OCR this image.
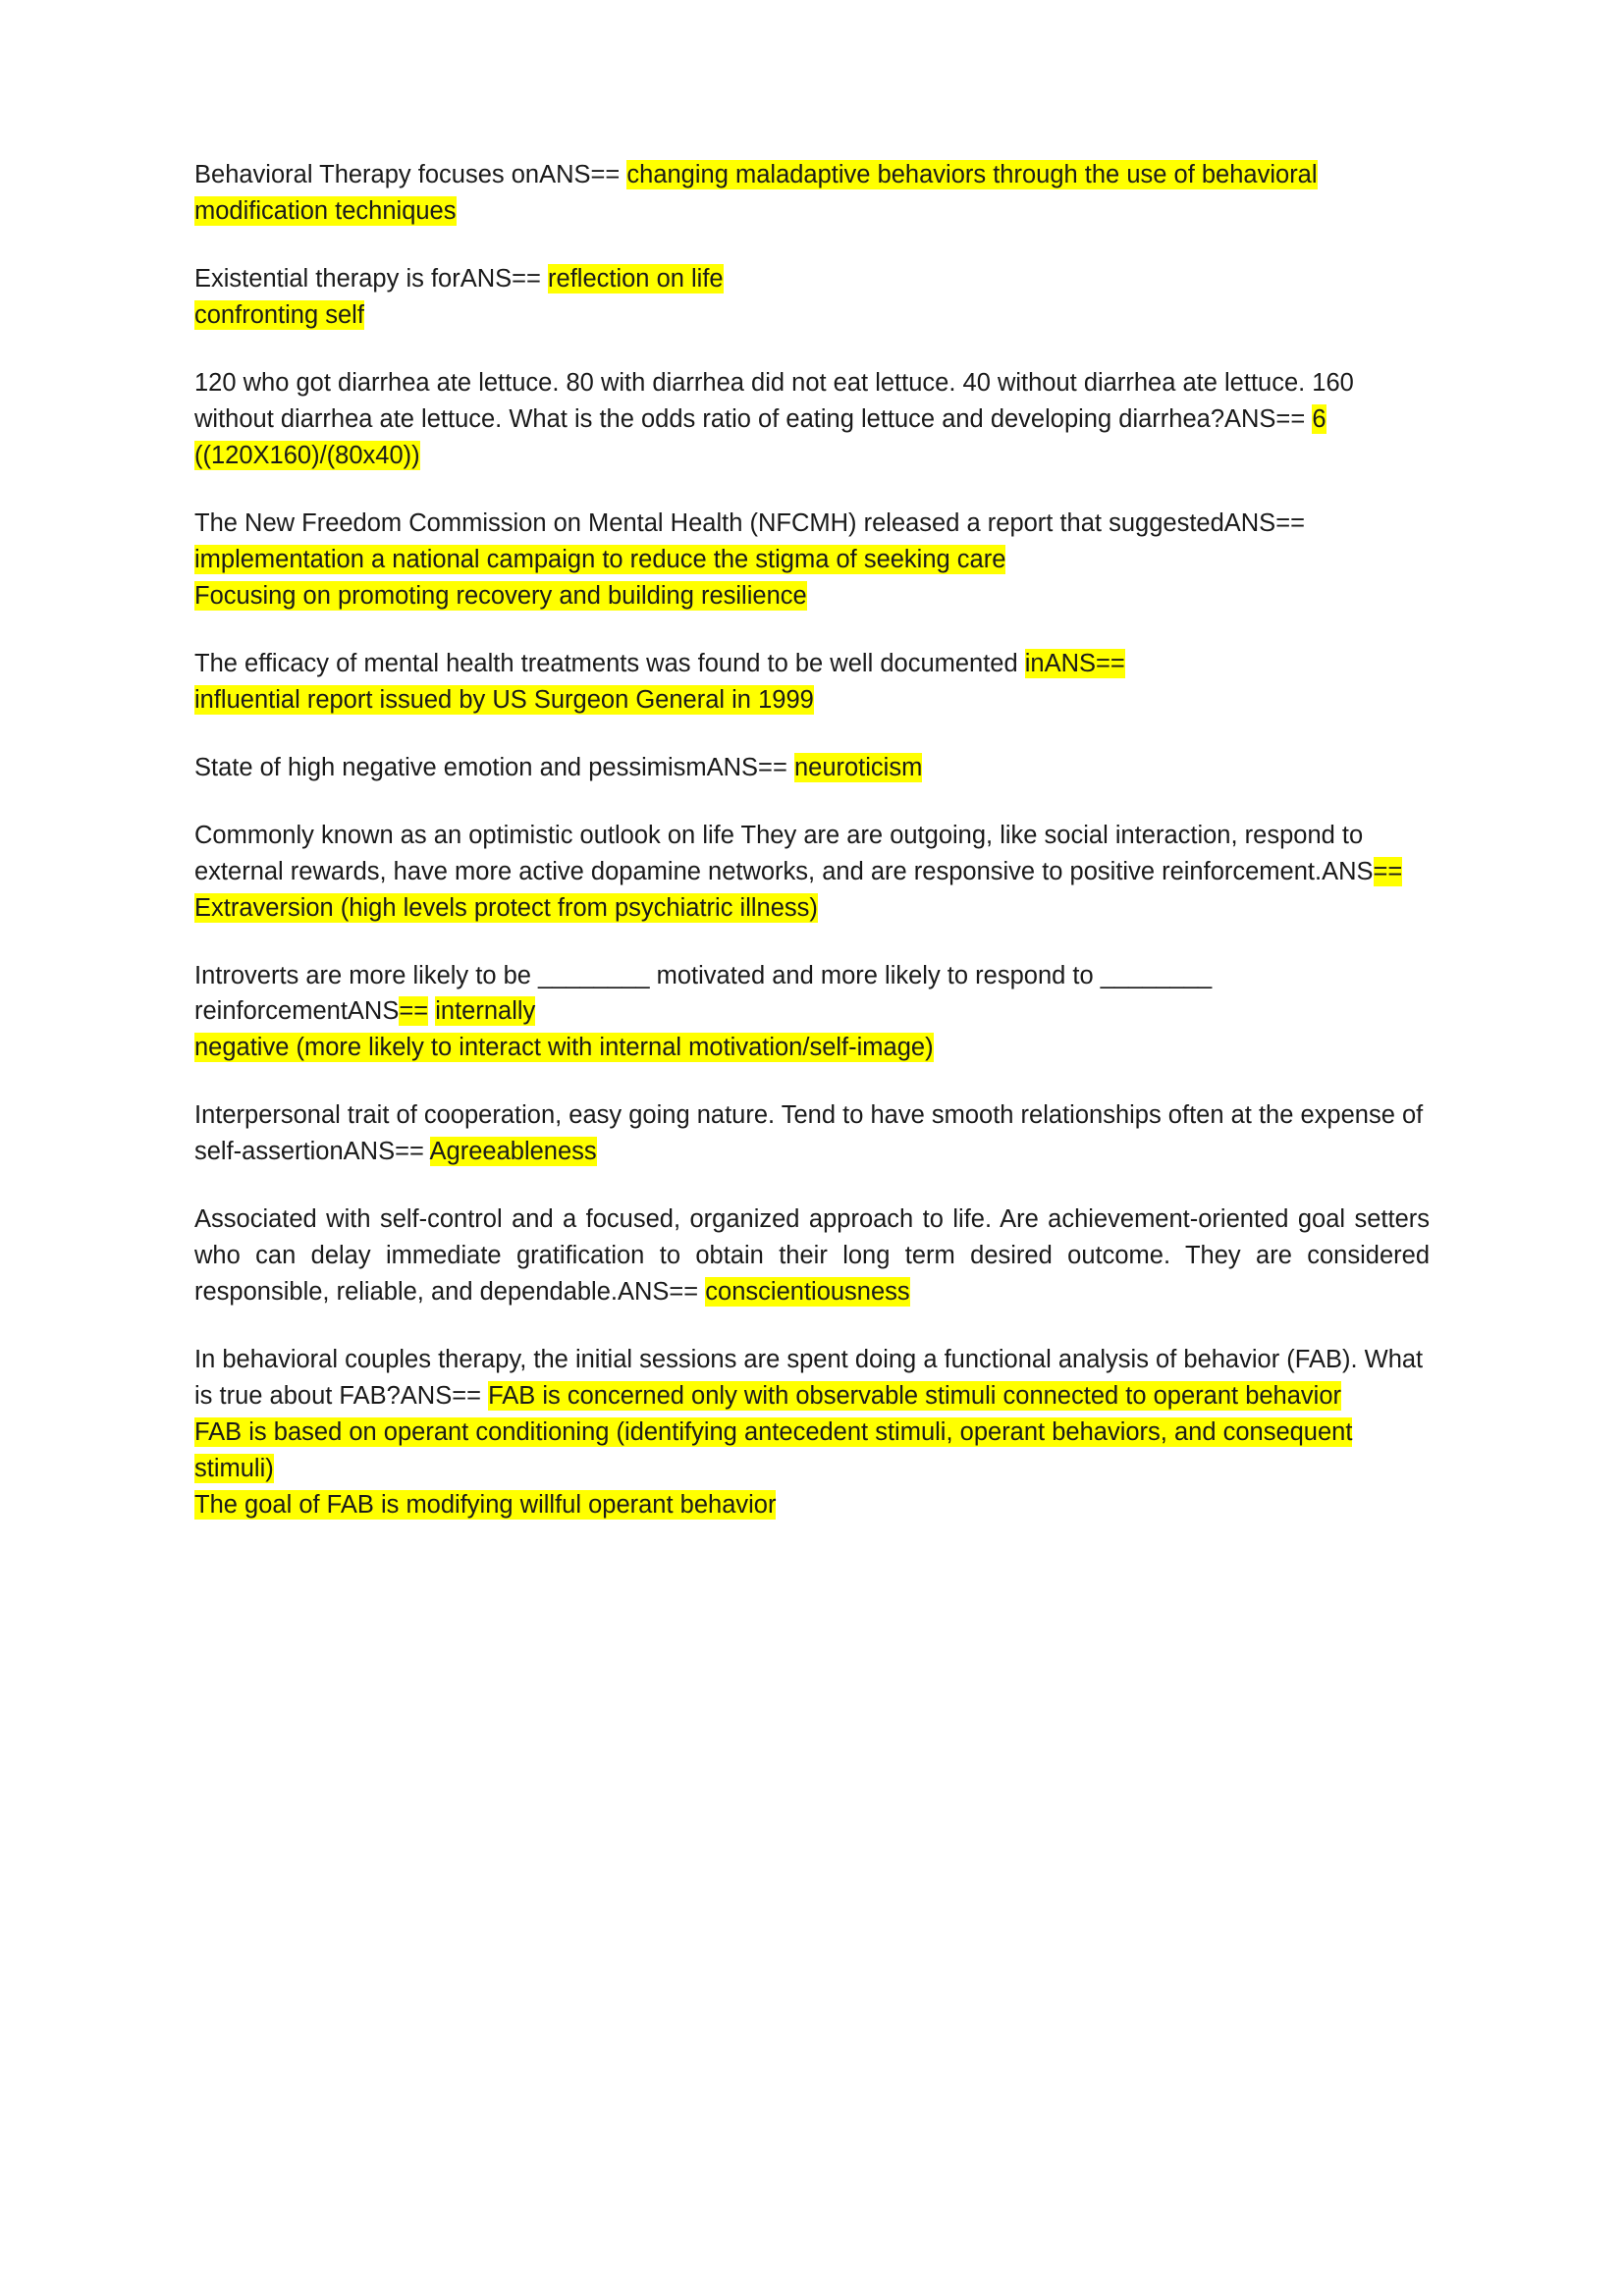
Behavioral Therapy focuses onANS== changing maladaptive behaviors through the use of behavioral modification techniques

Existential therapy is forANS== reflection on life

confronting self

120 who got diarrhea ate lettuce. 80 with diarrhea did not eat lettuce. 40 without diarrhea ate lettuce. 160 without diarrhea ate lettuce. What is the odds ratio of eating lettuce and developing diarrhea?ANS== 6 ((120X160)/(80x40))

The New Freedom Commission on Mental Health (NFCMH) released a report that suggestedANS== implementation a national campaign to reduce the stigma of seeking care

Focusing on promoting recovery and building resilience

The efficacy of mental health treatments was found to be well documented inANS==

influential report issued by US Surgeon General in 1999

State of high negative emotion and pessimismANS== neuroticism

Commonly known as an optimistic outlook on life They are are outgoing, like social interaction, respond to external rewards, have more active dopamine networks, and are responsive to positive reinforcement.ANS== Extraversion (high levels protect from psychiatric illness)

Introverts are more likely to be ________ motivated and more likely to respond to ________ reinforcementANS== internally

negative (more likely to interact with internal motivation/self-image)

Interpersonal trait of cooperation, easy going nature. Tend to have smooth relationships often at the expense of self-assertionANS== Agreeableness

Associated with self-control and a focused, organized approach to life. Are achievement-oriented goal setters who can delay immediate gratification to obtain their long term desired outcome. They are considered responsible, reliable, and dependable.ANS== conscientiousness

In behavioral couples therapy, the initial sessions are spent doing a functional analysis of behavior (FAB). What is true about FAB?ANS== FAB is concerned only with observable stimuli connected to operant behavior

FAB is based on operant conditioning (identifying antecedent stimuli, operant behaviors, and consequent stimuli)

The goal of FAB is modifying willful operant behavior
